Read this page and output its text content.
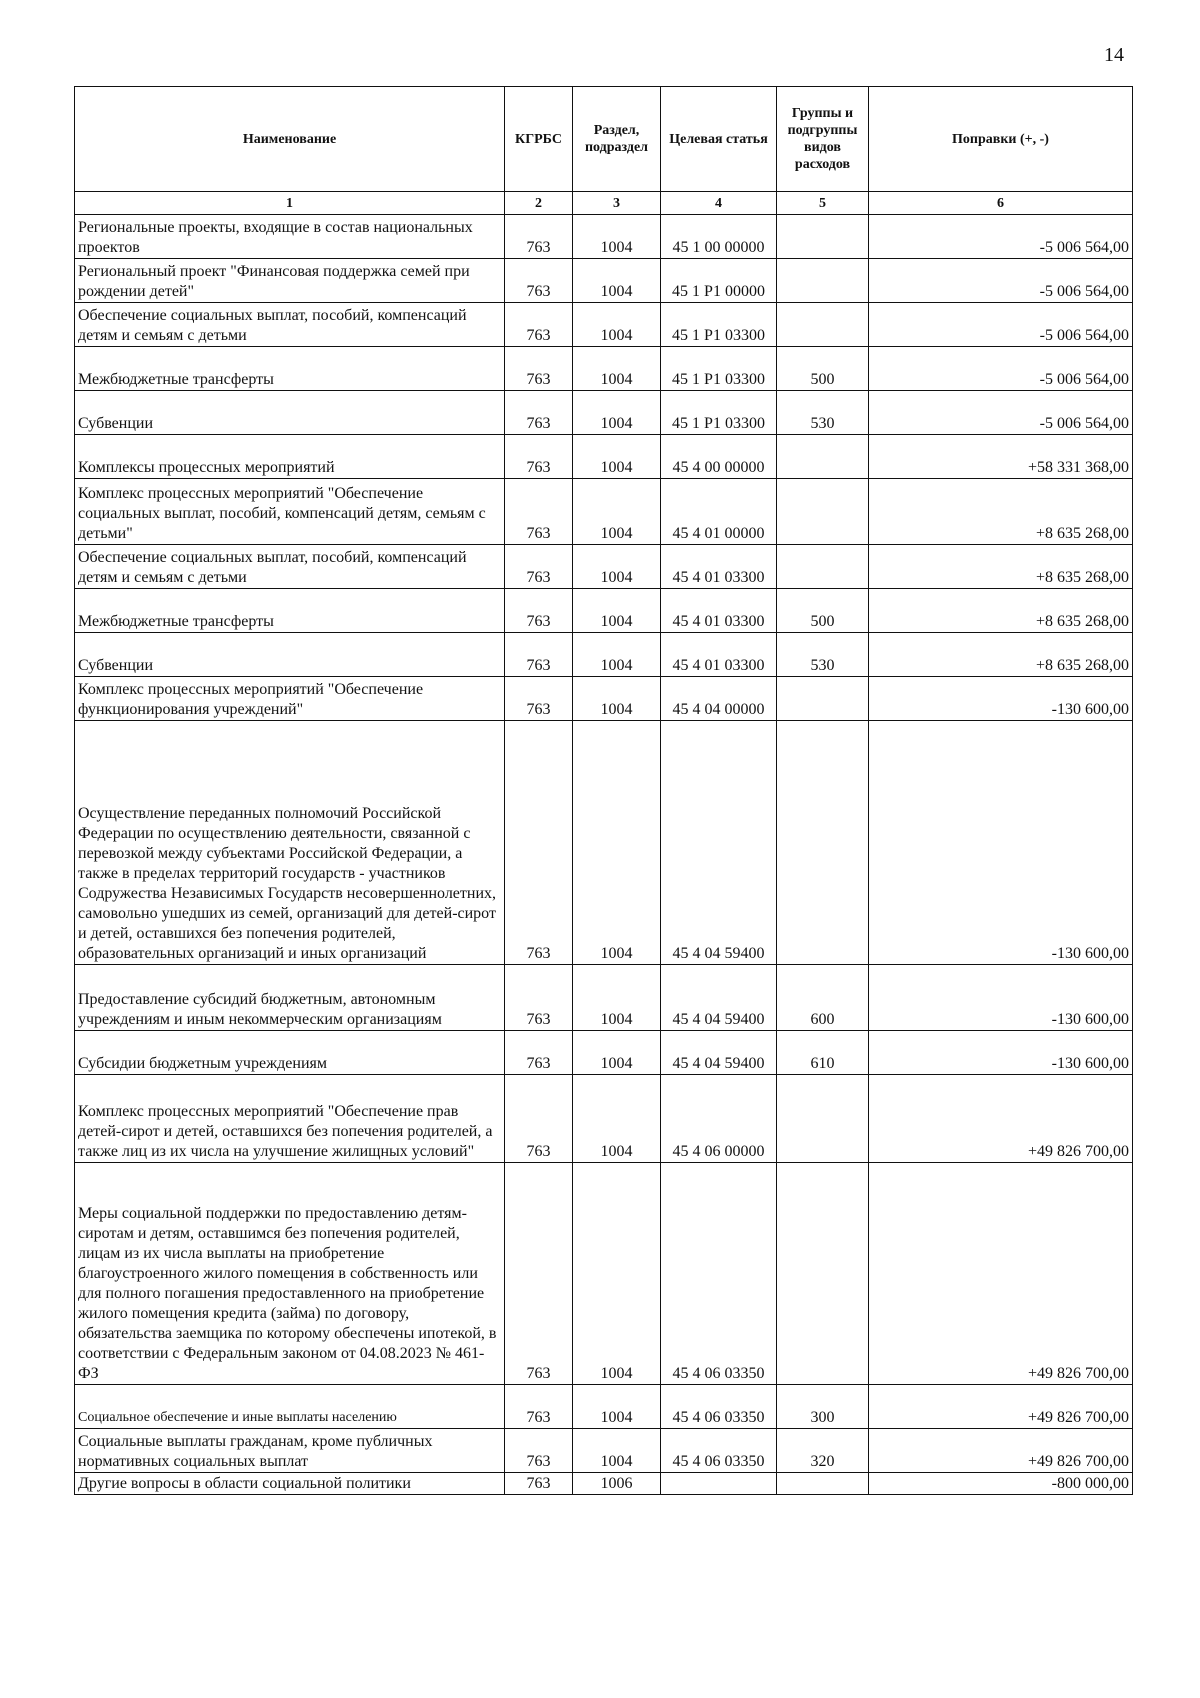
14
Наименование	КГРБС	Раздел, подраздел	Целевая статья	Группы и подгруппы видов расходов	Поправки (+, -)
1	2	3	4	5	6
Региональные проекты, входящие в состав национальных проектов	763	1004	45 1 00 00000		-5 006 564,00
Региональный проект "Финансовая поддержка семей при рождении детей"	763	1004	45 1 P1 00000		-5 006 564,00
Обеспечение социальных выплат, пособий, компенсаций детям и семьям с детьми	763	1004	45 1 P1 03300		-5 006 564,00
Межбюджетные трансферты	763	1004	45 1 P1 03300	500	-5 006 564,00
Субвенции	763	1004	45 1 P1 03300	530	-5 006 564,00
Комплексы процессных мероприятий	763	1004	45 4 00 00000		+58 331 368,00
Комплекс процессных мероприятий "Обеспечение социальных выплат, пособий, компенсаций детям, семьям с детьми"	763	1004	45 4 01 00000		+8 635 268,00
Обеспечение социальных выплат, пособий, компенсаций детям и семьям с детьми	763	1004	45 4 01 03300		+8 635 268,00
Межбюджетные трансферты	763	1004	45 4 01 03300	500	+8 635 268,00
Субвенции	763	1004	45 4 01 03300	530	+8 635 268,00
Комплекс процессных мероприятий "Обеспечение функционирования учреждений"	763	1004	45 4 04 00000		-130 600,00
Осуществление переданных полномочий Российской Федерации по осуществлению деятельности, связанной с перевозкой между субъектами Российской Федерации, а также в пределах территорий государств - участников Содружества Независимых Государств несовершеннолетних, самовольно ушедших из семей, организаций для детей-сирот и детей, оставшихся без попечения родителей, образовательных организаций и иных организаций	763	1004	45 4 04 59400		-130 600,00
Предоставление субсидий бюджетным, автономным учреждениям и иным некоммерческим организациям	763	1004	45 4 04 59400	600	-130 600,00
Субсидии бюджетным учреждениям	763	1004	45 4 04 59400	610	-130 600,00
Комплекс процессных мероприятий "Обеспечение прав детей-сирот и детей, оставшихся без попечения родителей, а также лиц из их числа на улучшение жилищных условий"	763	1004	45 4 06 00000		+49 826 700,00
Меры социальной поддержки по предоставлению детям-сиротам и детям, оставшимся без попечения родителей, лицам из их числа выплаты на приобретение благоустроенного жилого помещения в собственность или для полного погашения предоставленного на приобретение жилого помещения кредита (займа) по договору, обязательства заемщика по которому обеспечены ипотекой, в соответствии с Федеральным законом от 04.08.2023 № 461-ФЗ	763	1004	45 4 06 03350		+49 826 700,00
Социальное обеспечение и иные выплаты населению	763	1004	45 4 06 03350	300	+49 826 700,00
Социальные выплаты гражданам, кроме публичных нормативных социальных выплат	763	1004	45 4 06 03350	320	+49 826 700,00
Другие вопросы в области социальной политики	763	1006			-800 000,00
